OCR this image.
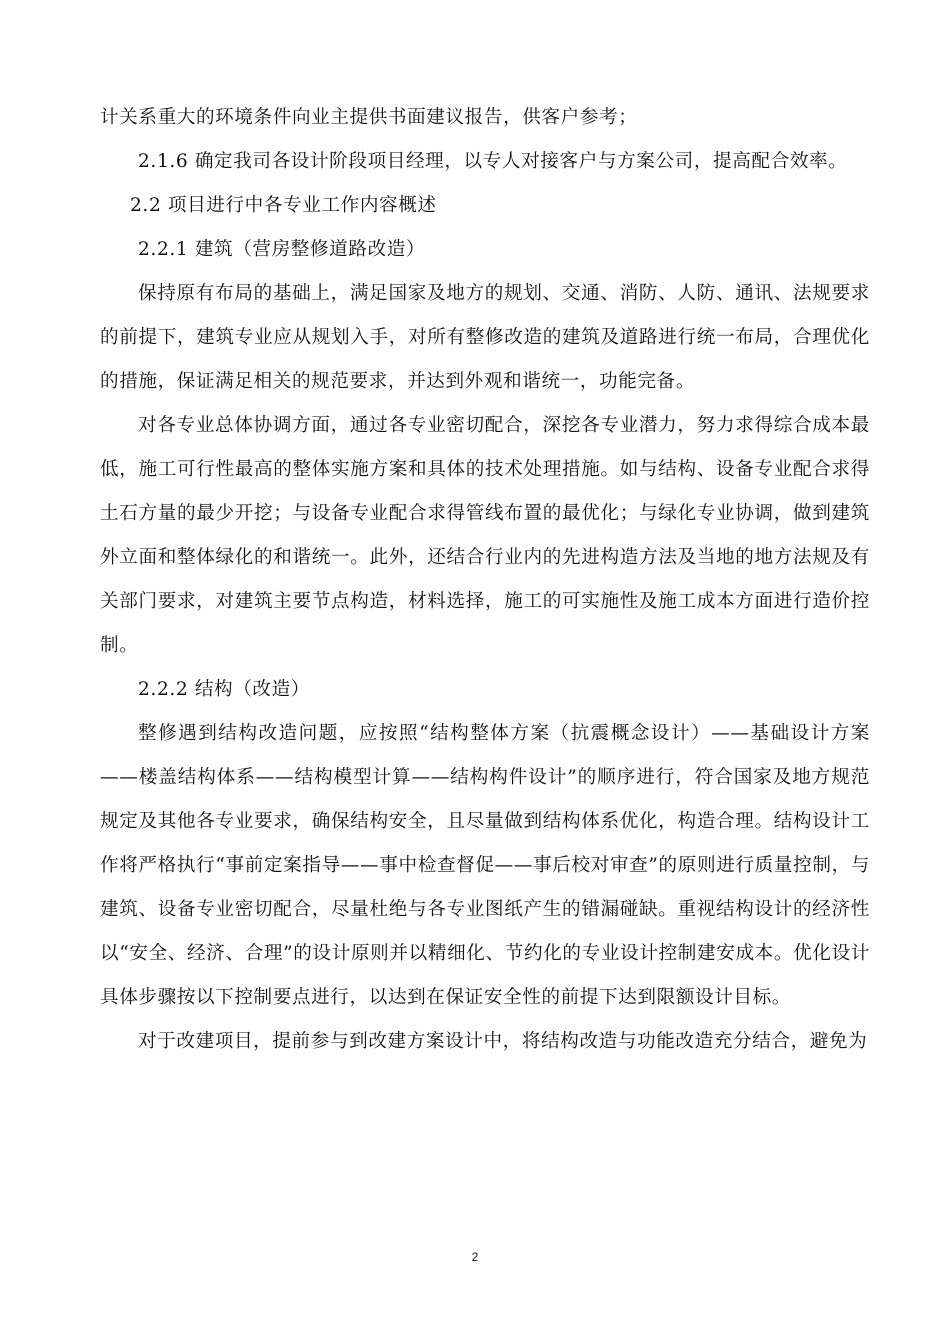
计关系重大的环境条件向业主提供书面建议报告，供客户参考；

2.1.6 确定我司各设计阶段项目经理，以专人对接客户与方案公司，提高配合效率。

2.2 项目进行中各专业工作内容概述

2.2.1 建筑（营房整修道路改造）

保持原有布局的基础上，满足国家及地方的规划、交通、消防、人防、通讯、法规要求的前提下，建筑专业应从规划入手，对所有整修改造的建筑及道路进行统一布局，合理优化的措施，保证满足相关的规范要求，并达到外观和谐统一，功能完备。

对各专业总体协调方面，通过各专业密切配合，深挖各专业潜力，努力求得综合成本最低，施工可行性最高的整体实施方案和具体的技术处理措施。如与结构、设备专业配合求得土石方量的最少开挖；与设备专业配合求得管线布置的最优化；与绿化专业协调，做到建筑外立面和整体绿化的和谐统一。此外，还结合行业内的先进构造方法及当地的地方法规及有关部门要求，对建筑主要节点构造，材料选择，施工的可实施性及施工成本方面进行造价控制。

2.2.2 结构（改造）

整修遇到结构改造问题，应按照“结构整体方案（抗震概念设计）——基础设计方案——楼盖结构体系——结构模型计算——结构构件设计”的顺序进行，符合国家及地方规范规定及其他各专业要求，确保结构安全，且尽量做到结构体系优化，构造合理。结构设计工作将严格执行“事前定案指导——事中检查督促——事后校对审查”的原则进行质量控制，与建筑、设备专业密切配合，尽量杜绝与各专业图纸产生的错漏碰缺。重视结构设计的经济性以“安全、经济、合理”的设计原则并以精细化、节约化的专业设计控制建安成本。优化设计具体步骤按以下控制要点进行，以达到在保证安全性的前提下达到限额设计目标。

对于改建项目，提前参与到改建方案设计中，将结构改造与功能改造充分结合，避免为

2
